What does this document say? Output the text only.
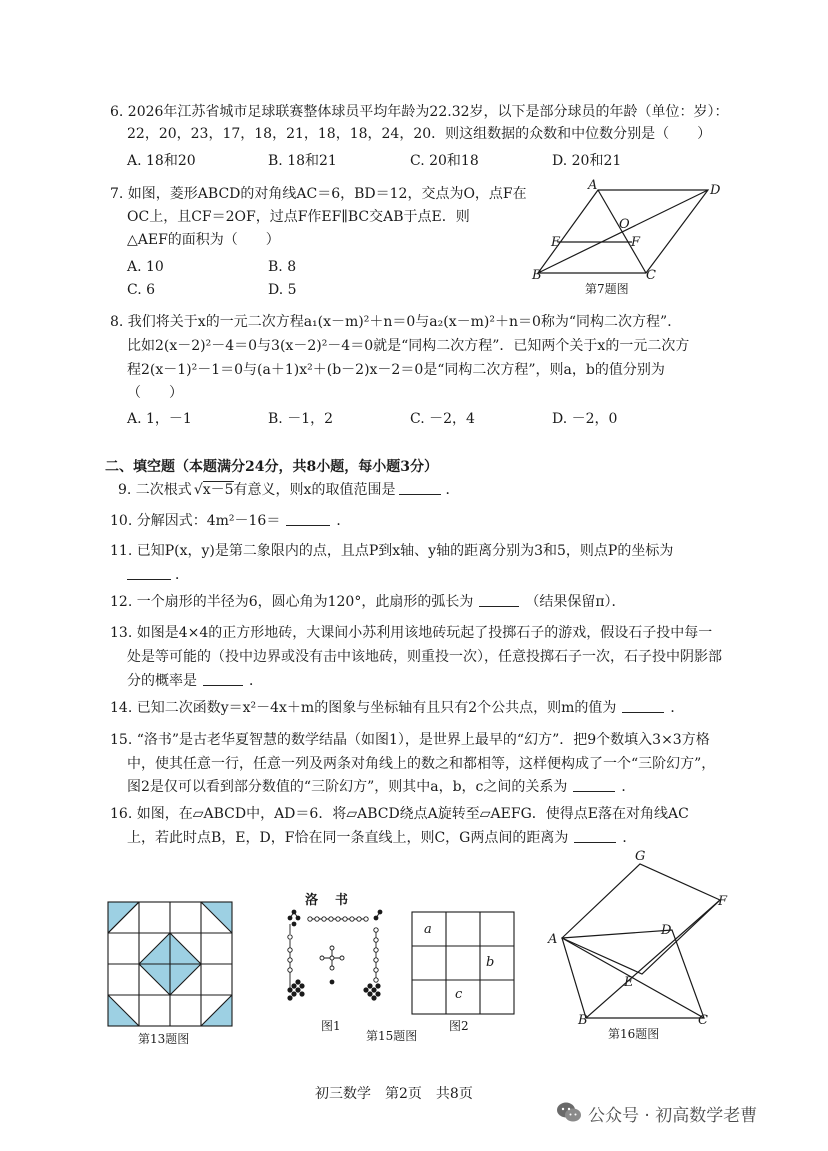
6. 2026年江苏省城市足球联赛整体球员平均年龄为22.32岁，以下是部分球员的年龄（单位：岁）：
22，20，23，17，18，21，18，18，24，20．则这组数据的众数和中位数分别是（　　）
A. 18和20	B. 18和21	C. 20和18	D. 20和21
7. 如图，菱形ABCD的对角线AC＝6，BD＝12，交点为O，点F在
OC上，且CF＝2OF，过点F作EF∥BC交AB于点E．则
△AEF的面积为（　　）
A. 10	B. 8
C. 6	D. 5
A	D
O
E	F
B	C
第7题图
8. 我们将关于x的一元二次方程a₁(x－m)²＋n＝0与a₂(x－m)²＋n＝0称为“同构二次方程”．
比如2(x－2)²－4＝0与3(x－2)²－4＝0就是“同构二次方程”．已知两个关于x的一元二次方
程2(x－1)²－1＝0与(a＋1)x²＋(b－2)x－2＝0是“同构二次方程”，则a，b的值分别为
（　　）
A. 1，－1	B. －1，2	C. －2，4	D. －2，0
二、填空题（本题满分24分，共8小题，每小题3分）
9. 二次根式 √x－5有意义，则x的取值范围是	．
10. 分解因式：4m²－16＝	．
11. 已知P(x，y)是第二象限内的点，且点P到x轴、y轴的距离分别为3和5，则点P的坐标为
．
12. 一个扇形的半径为6，圆心角为120°，此扇形的弧长为	（结果保留π）．
13. 如图是4×4的正方形地砖，大课间小苏利用该地砖玩起了投掷石子的游戏，假设石子投中每一
处是等可能的（投中边界或没有击中该地砖，则重投一次），任意投掷石子一次，石子投中阴影部
分的概率是	．
14. 已知二次函数y＝x²－4x＋m的图象与坐标轴有且只有2个公共点，则m的值为	．
15. “洛书”是古老华夏智慧的数学结晶（如图1），是世界上最早的“幻方”．把9个数填入3×3方格
中，使其任意一行，任意一列及两条对角线上的数之和都相等，这样便构成了一个“三阶幻方”，
图2是仅可以看到部分数值的“三阶幻方”，则其中a，b，c之间的关系为	．
16. 如图，在▱ABCD中，AD＝6．将▱ABCD绕点A旋转至▱AEFG．使得点E落在对角线AC
上，若此时点B，E，D，F恰在同一条直线上，则C，G两点间的距离为	．
第13题图
洛　书
图1
第15题图
a
b
c
图2
G
F
A
D
E
B	C
第16题图
初三数学　第2页　共8页
公众号 · 初高数学老曹
